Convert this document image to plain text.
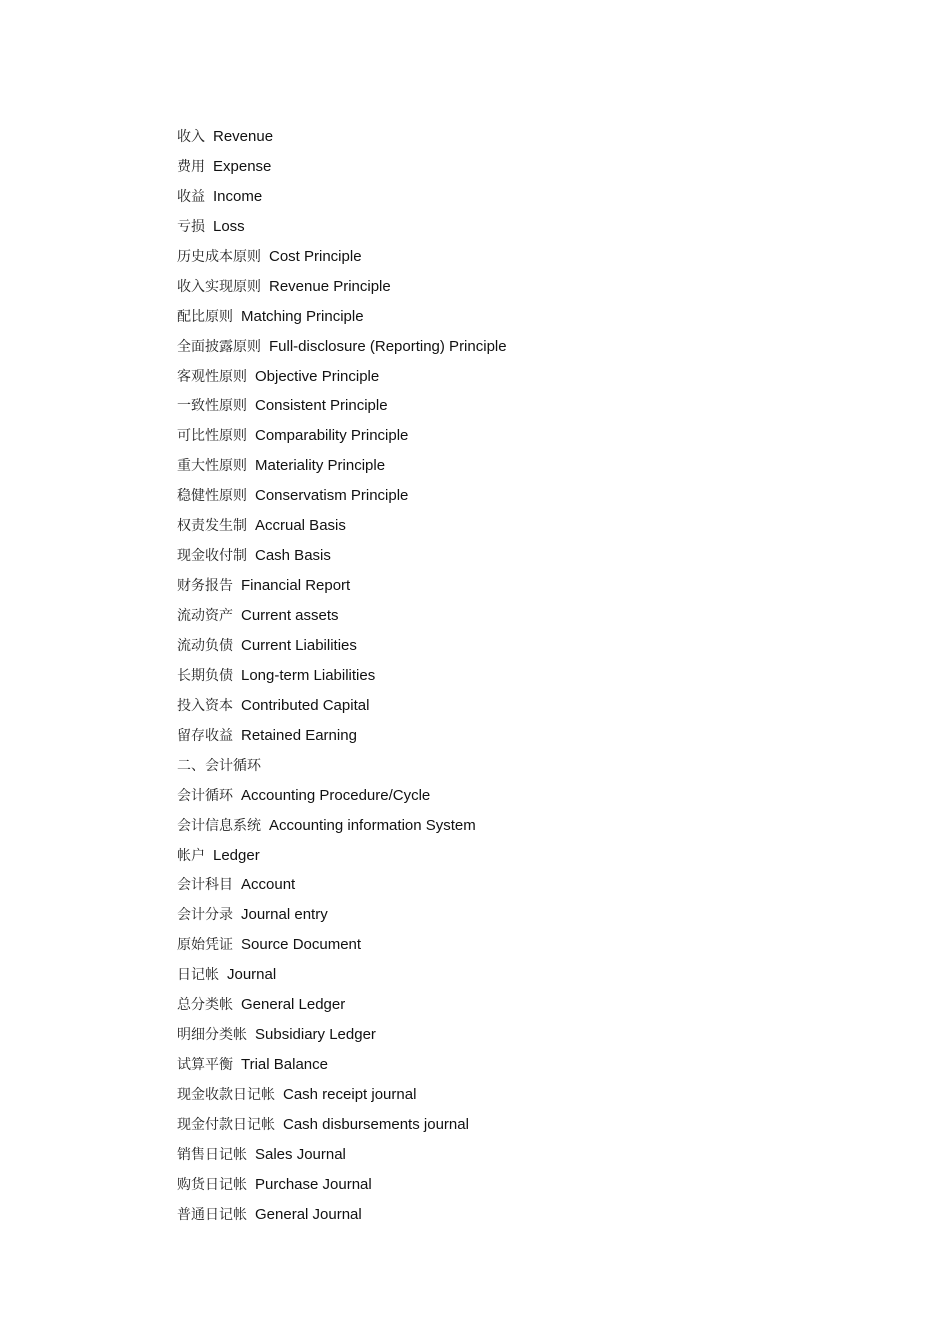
收入 Revenue
费用 Expense
收益 Income
亏损 Loss
历史成本原则 Cost Principle
收入实现原则 Revenue Principle
配比原则 Matching Principle
全面披露原则 Full-disclosure (Reporting) Principle
客观性原则 Objective Principle
一致性原则 Consistent Principle
可比性原则 Comparability Principle
重大性原则 Materiality Principle
稳健性原则 Conservatism Principle
权责发生制 Accrual Basis
现金收付制 Cash Basis
财务报告 Financial Report
流动资产 Current assets
流动负债 Current Liabilities
长期负债 Long-term Liabilities
投入资本 Contributed Capital
留存收益 Retained Earning
二、会计循环
会计循环 Accounting Procedure/Cycle
会计信息系统 Accounting information System
帐户 Ledger
会计科目 Account
会计分录 Journal entry
原始凭证 Source Document
日记帐 Journal
总分类帐 General Ledger
明细分类帐 Subsidiary Ledger
试算平衡 Trial Balance
现金收款日记帐 Cash receipt journal
现金付款日记帐 Cash disbursements journal
销售日记帐 Sales Journal
购货日记帐 Purchase Journal
普通日记帐 General Journal
